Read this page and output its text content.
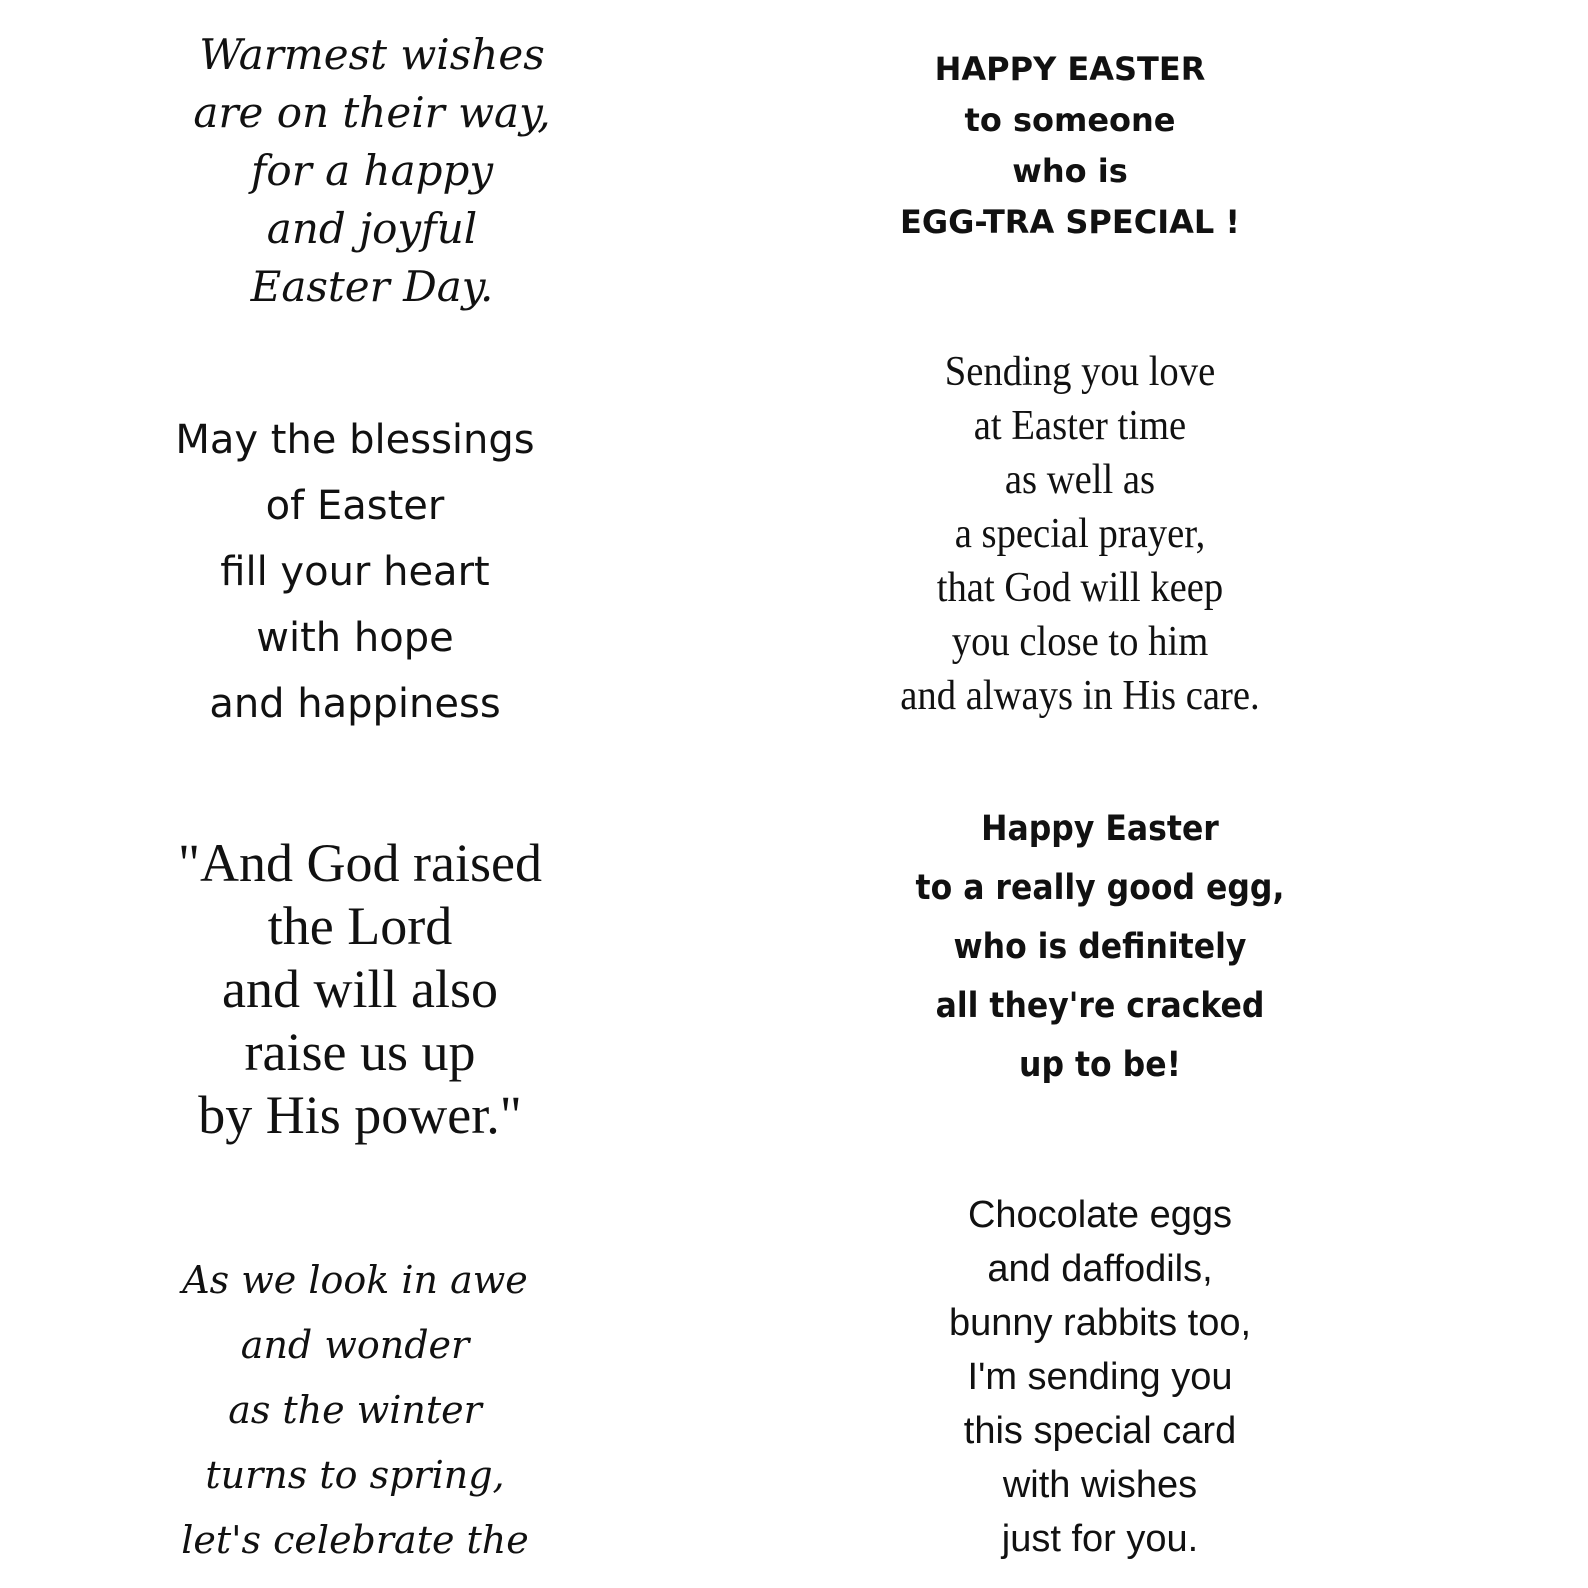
Warmest wishes
are on their way,
for a happy
and joyful
Easter Day.
May the blessings
of Easter
fill your heart
with hope
and happiness
"And God raised
the Lord
and will also
raise us up
by His power."
As we look in awe
and wonder
as the winter
turns to spring,
let's celebrate the
HAPPY EASTER
to someone
who is
EGG-TRA SPECIAL !
Sending you love
at Easter time
as well as
a special prayer,
that God will keep
you close to him
and always in His care.
Happy Easter
to a really good egg,
who is definitely
all they're cracked
up to be!
Chocolate eggs
and daffodils,
bunny rabbits too,
I'm sending you
this special card
with wishes
just for you.
